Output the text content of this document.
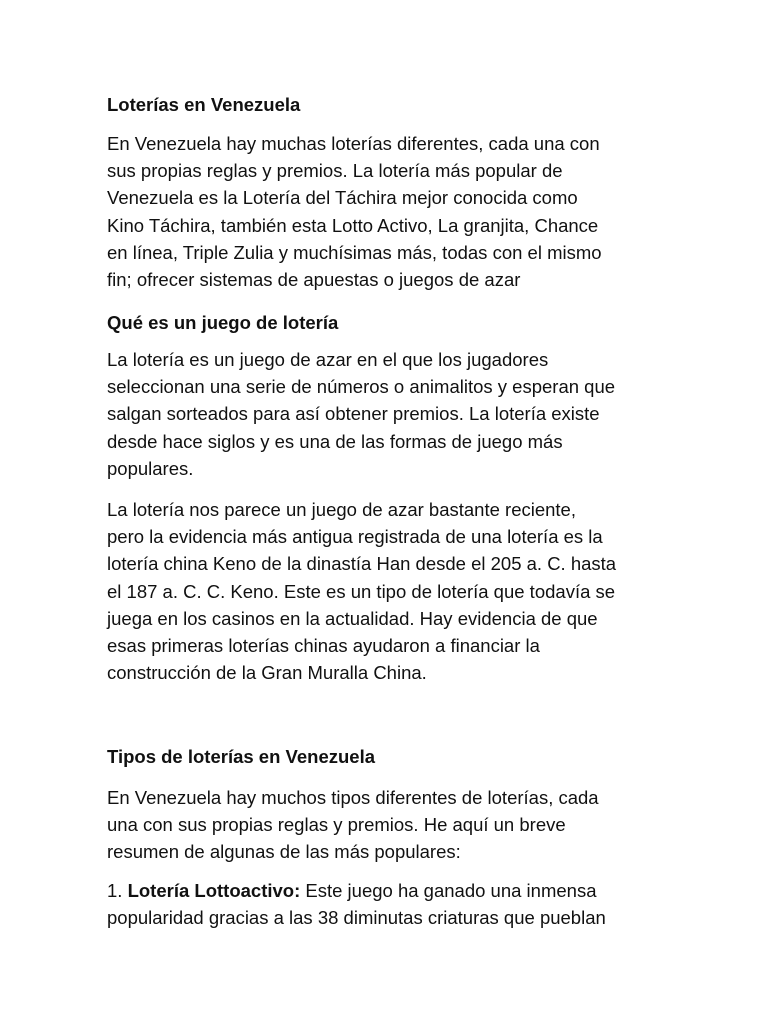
Loterías en Venezuela

En Venezuela hay muchas loterías diferentes, cada una con
sus propias reglas y premios. La lotería más popular de
Venezuela es la Lotería del Táchira mejor conocida como
Kino Táchira, también esta Lotto Activo, La granjita, Chance
en línea, Triple Zulia y muchísimas más, todas con el mismo
fin; ofrecer sistemas de apuestas o juegos de azar

Qué es un juego de lotería

La lotería es un juego de azar en el que los jugadores
seleccionan una serie de números o animalitos y esperan que
salgan sorteados para así obtener premios. La lotería existe
desde hace siglos y es una de las formas de juego más
populares.

La lotería nos parece un juego de azar bastante reciente,
pero la evidencia más antigua registrada de una lotería es la
lotería china Keno de la dinastía Han desde el 205 a. C. hasta
el 187 a. C. C. Keno. Este es un tipo de lotería que todavía se
juega en los casinos en la actualidad. Hay evidencia de que
esas primeras loterías chinas ayudaron a financiar la
construcción de la Gran Muralla China.

Tipos de loterías en Venezuela

En Venezuela hay muchos tipos diferentes de loterías, cada
una con sus propias reglas y premios. He aquí un breve
resumen de algunas de las más populares:

1. Lotería Lottoactivo: Este juego ha ganado una inmensa
popularidad gracias a las 38 diminutas criaturas que pueblan
